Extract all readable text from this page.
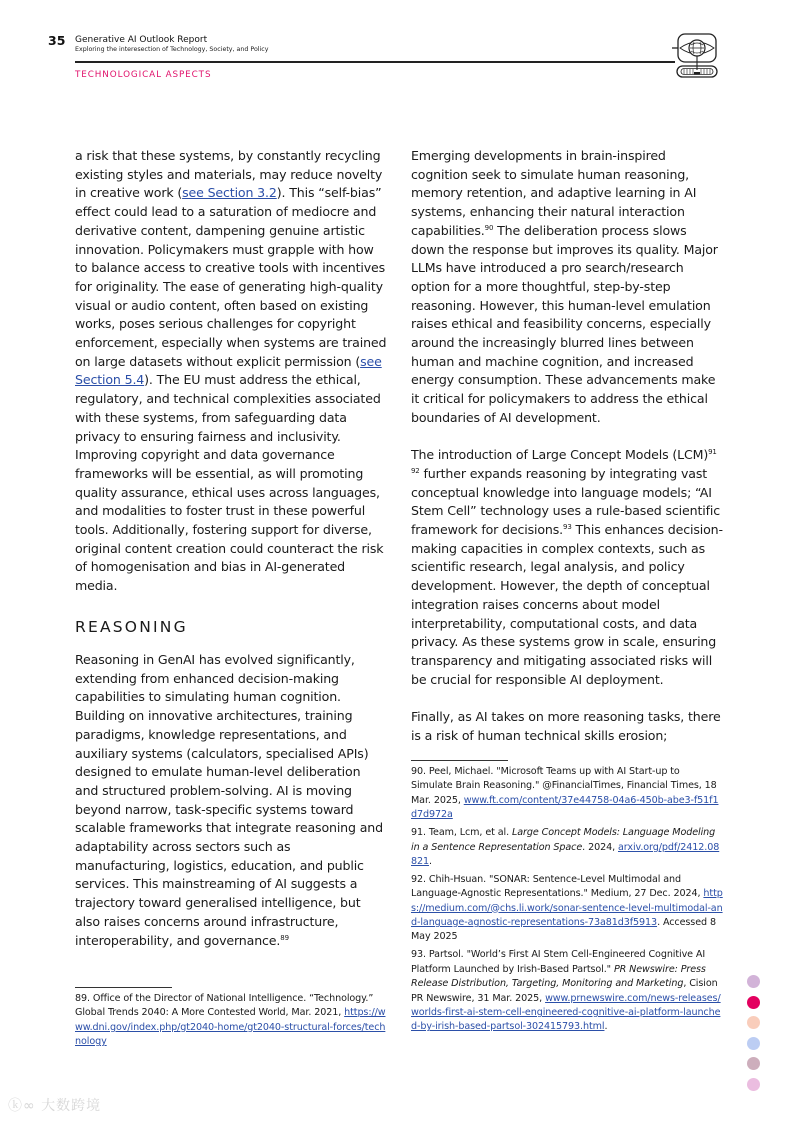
35 Generative AI Outlook Report
Exploring the interesection of Technology, Society, and Policy
TECHNOLOGICAL ASPECTS

a risk that these systems, by constantly recycling existing styles and materials, may reduce novelty in creative work (see Section 3.2). This “self-bias” effect could lead to a saturation of mediocre and derivative content, dampening genuine artistic innovation. Policymakers must grapple with how to balance access to creative tools with incentives for originality. The ease of generating high-quality visual or audio content, often based on existing works, poses serious challenges for copyright enforcement, especially when systems are trained on large datasets without explicit permission (see Section 5.4). The EU must address the ethical, regulatory, and technical complexities associated with these systems, from safeguarding data privacy to ensuring fairness and inclusivity. Improving copyright and data governance frameworks will be essential, as will promoting quality assurance, ethical uses across languages, and modalities to foster trust in these powerful tools. Additionally, fostering support for diverse, original content creation could counteract the risk of homogenisation and bias in AI-generated media.

REASONING

Reasoning in GenAI has evolved significantly, extending from enhanced decision-making capabilities to simulating human cognition. Building on innovative architectures, training paradigms, knowledge representations, and auxiliary systems (calculators, specialised APIs) designed to emulate human-level deliberation and structured problem-solving. AI is moving beyond narrow, task-specific systems toward scalable frameworks that integrate reasoning and adaptability across sectors such as manufacturing, logistics, education, and public services. This mainstreaming of AI suggests a trajectory toward generalised intelligence, but also raises concerns around infrastructure, interoperability, and governance.$^{89}$

89. Office of the Director of National Intelligence. “Technology.” Global Trends 2040: A More Contested World, Mar. 2021, https://www.dni.gov/index.php/gt2040-home/gt2040-structural-forces/technology

Emerging developments in brain-inspired cognition seek to simulate human reasoning, memory retention, and adaptive learning in AI systems, enhancing their natural interaction capabilities.$^{90}$ The deliberation process slows down the response but improves its quality. Major LLMs have introduced a pro search/research option for a more thoughtful, step-by-step reasoning. However, this human-level emulation raises ethical and feasibility concerns, especially around the increasingly blurred lines between human and machine cognition, and increased energy consumption. These advancements make it critical for policymakers to address the ethical boundaries of AI development.

The introduction of Large Concept Models (LCM)$^{91}$ $^{92}$ further expands reasoning by integrating vast conceptual knowledge into language models; “AI Stem Cell” technology uses a rule-based scientific framework for decisions.$^{93}$ This enhances decision-making capacities in complex contexts, such as scientific research, legal analysis, and policy development. However, the depth of conceptual integration raises concerns about model interpretability, computational costs, and data privacy. As these systems grow in scale, ensuring transparency and mitigating associated risks will be crucial for responsible AI deployment.

Finally, as AI takes on more reasoning tasks, there is a risk of human technical skills erosion;

90. Peel, Michael. "Microsoft Teams up with AI Start-up to Simulate Brain Reasoning." @FinancialTimes, Financial Times, 18 Mar. 2025, www.ft.com/content/37e44758-04a6-450b-abe3-f51f1d7d972a

91. Team, Lcm, et al. Large Concept Models: Language Modeling in a Sentence Representation Space. 2024, arxiv.org/pdf/2412.08821.

92. Chih-Hsuan. "SONAR: Sentence-Level Multimodal and Language-Agnostic Representations." Medium, 27 Dec. 2024, https://medium.com/@chs.li.work/sonar-sentence-level-multimodal-and-language-agnostic-representations-73a81d3f5913. Accessed 8 May 2025

93. Partsol. "World’s First AI Stem Cell-Engineered Cognitive AI Platform Launched by Irish-Based Partsol." PR Newswire: Press Release Distribution, Targeting, Monitoring and Marketing, Cision PR Newswire, 31 Mar. 2025, www.prnewswire.com/news-releases/worlds-first-ai-stem-cell-engineered-cognitive-ai-platform-launched-by-irish-based-partsol-302415793.html.

ⓚ∞ 大数跨境
